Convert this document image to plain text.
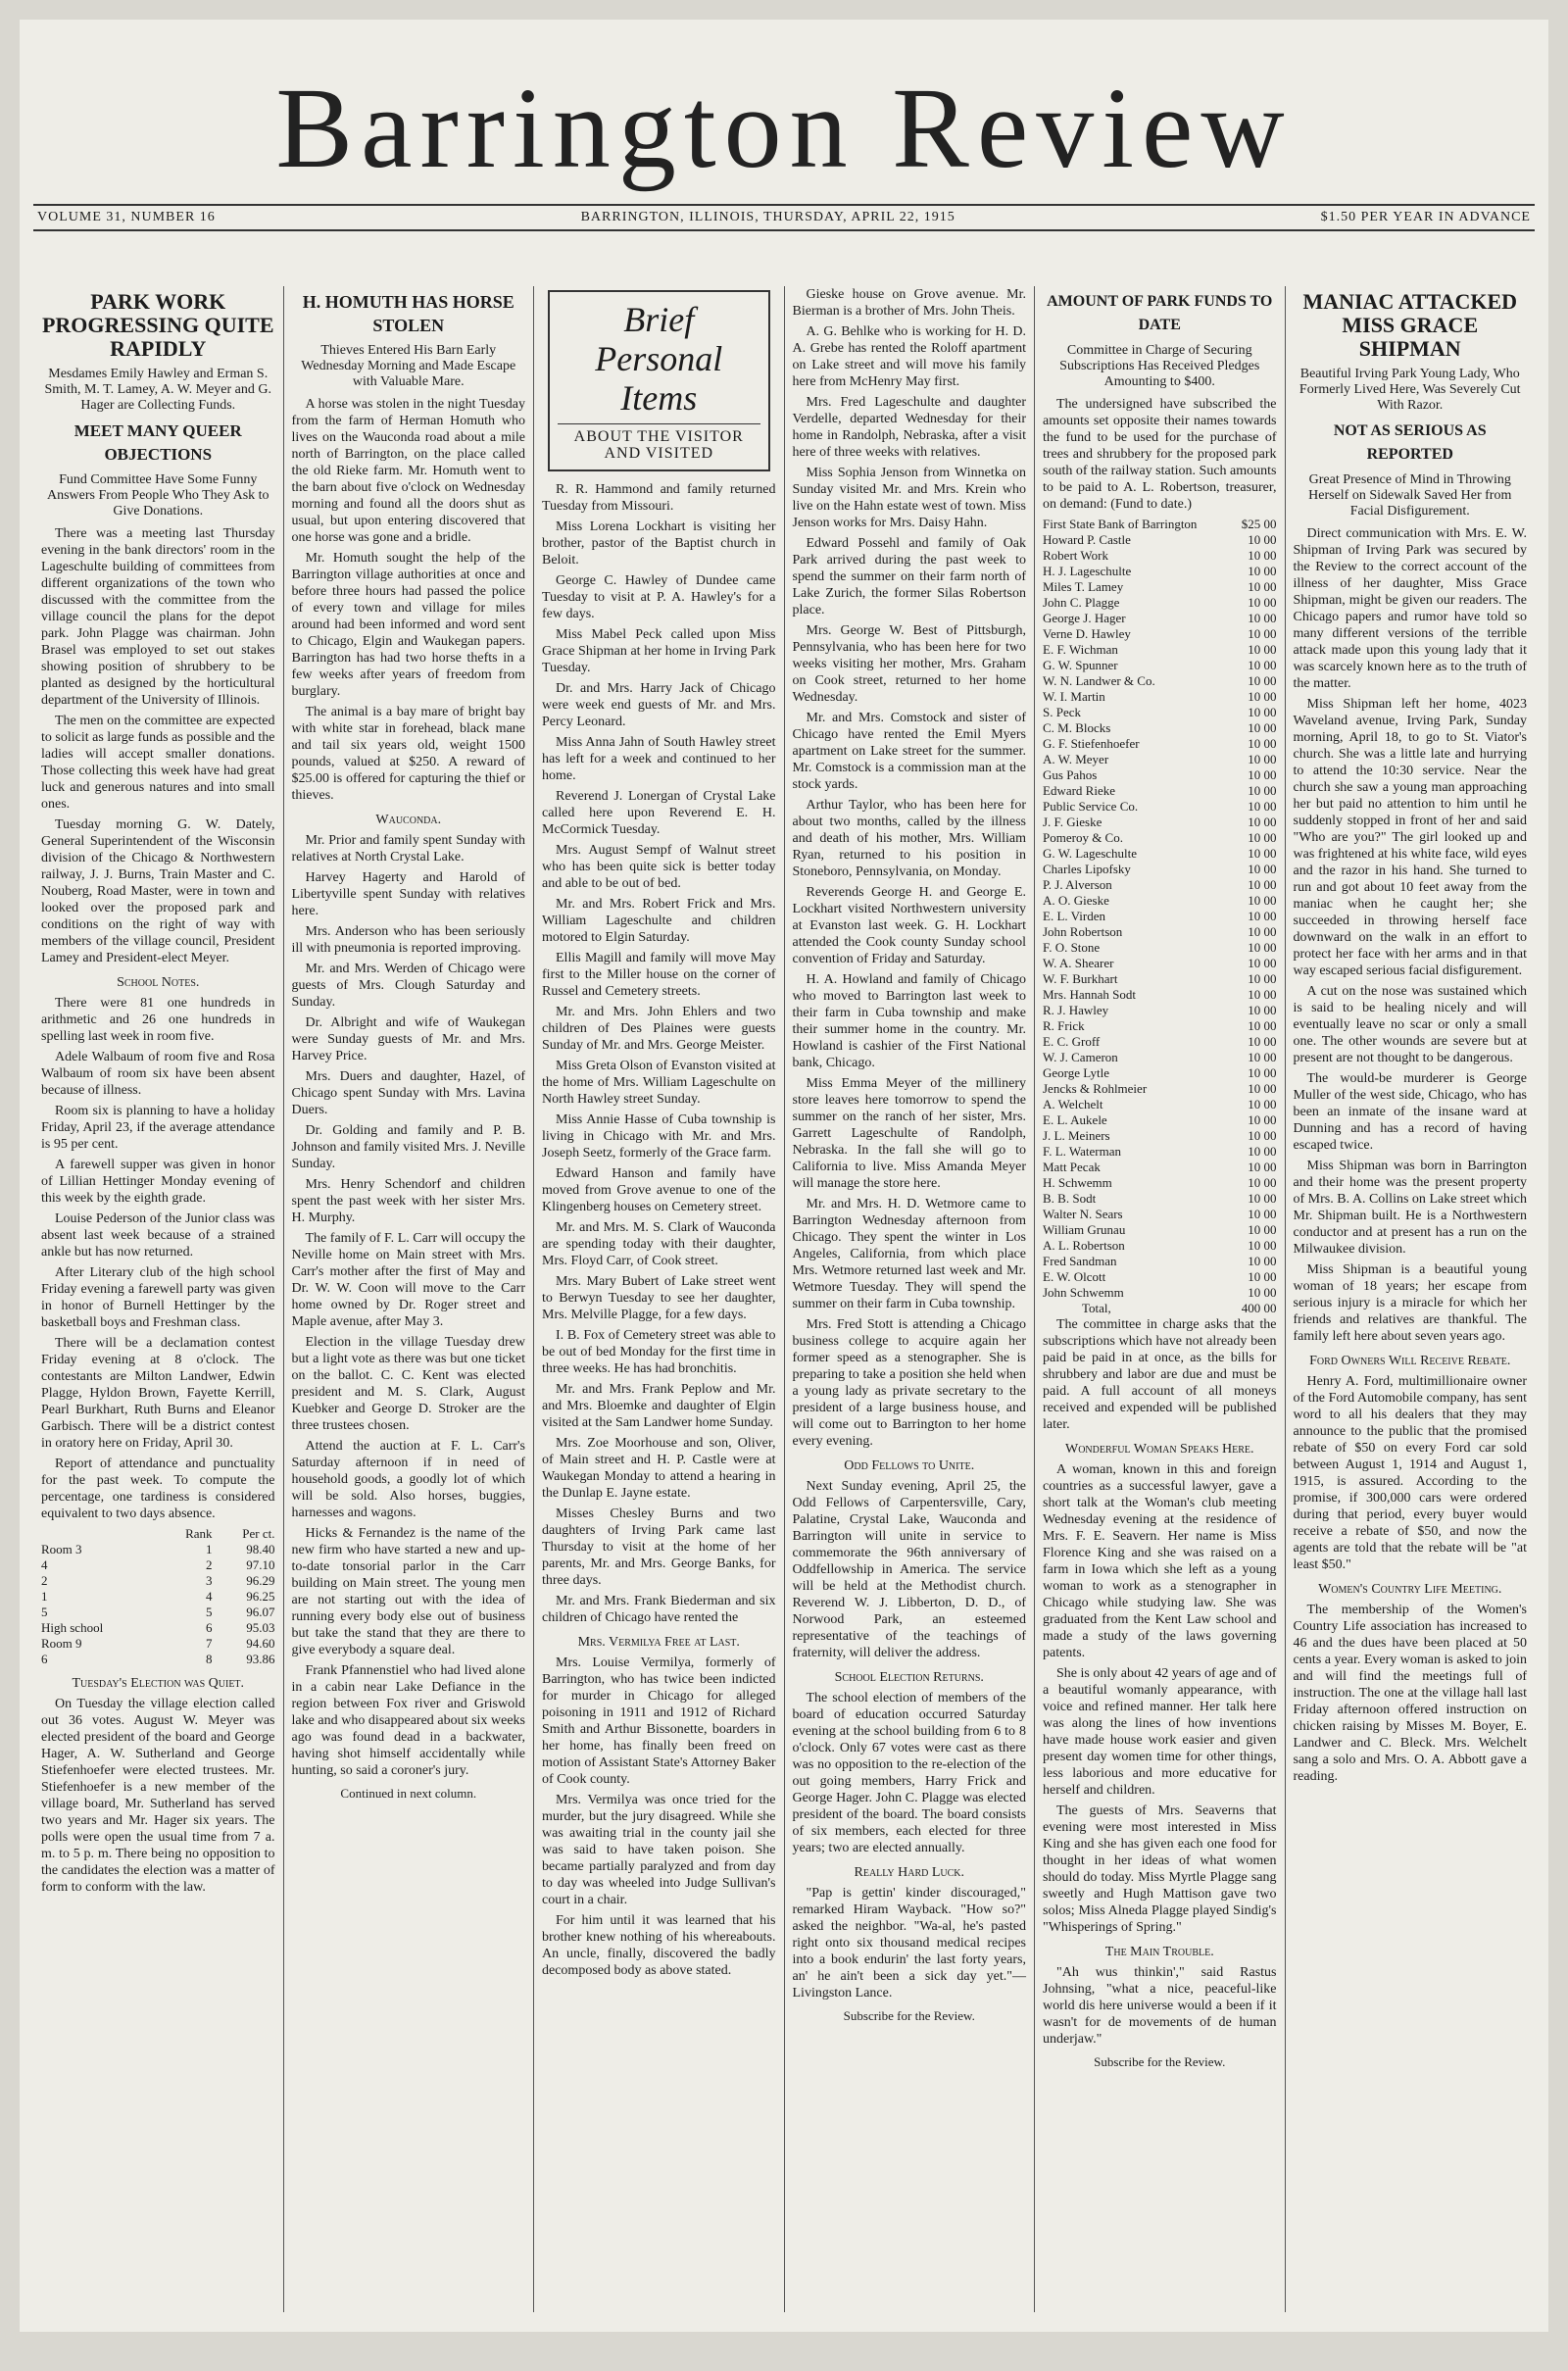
Barrington Review
VOLUME 31, NUMBER 16	BARRINGTON, ILLINOIS, THURSDAY, APRIL 22, 1915	$1.50 PER YEAR IN ADVANCE
PARK WORK PROGRESSING QUITE RAPIDLY
Mesdames Emily Hawley and Erman S. Smith, M. T. Lamey, A. W. Meyer and G. Hager are Collecting Funds.
MEET MANY QUEER OBJECTIONS
Fund Committee Have Some Funny Answers From People Who They Ask to Give Donations.

There was a meeting last Thursday evening in the bank directors' room in the Lageschulte building of committees from different organizations of the town who discussed with the committee from the village council the plans for the depot park. John Plagge was chairman. John Brasel was employed to set out stakes showing position of shrubbery to be planted as designed by the horticultural department of the University of Illinois.

The men on the committee are expected to solicit as large funds as possible and the ladies will accept smaller donations. Those collecting this week have had great luck and generous natures and into small ones.

Tuesday morning G. W. Dately, General Superintendent of the Wisconsin division of the Chicago & Northwestern railway, J. J. Burns, Train Master and C. Nouberg, Road Master, were in town and looked over the proposed park and conditions on the right of way with members of the village council, President Lamey and President-elect Meyer.

School Notes.

There were 81 one hundreds in arithmetic and 26 one hundreds in spelling last week in room five.

Adele Walbaum of room five and Rosa Walbaum of room six have been absent because of illness.

Room six is planning to have a holiday Friday, April 23, if the average attendance is 95 per cent.

A farewell supper was given in honor of Lillian Hettinger Monday evening of this week by the eighth grade.

Louise Pederson of the Junior class was absent last week because of a strained ankle but has now returned.

After Literary club of the high school Friday evening a farewell party was given in honor of Burnell Hettinger by the basketball boys and Freshman class.

There will be a declamation contest Friday evening at 8 o'clock. The contestants are Milton Landwer, Edwin Plagge, Hyldon Brown, Fayette Kerrill, Pearl Burkhart, Ruth Burns and Eleanor Garbisch. There will be a district contest in oratory here on Friday, April 30.

Report of attendance and punctuality for the past week. To compute the percentage, one tardiness is considered equivalent to two days absence.

	Rank	Per ct.
Room 3	1	98.40
4	2	97.10
2	3	96.29
1	4	96.25
5	5	96.07
High school	6	95.03
Room 9	7	94.60
6	8	93.86
Tuesday's Election was Quiet.

On Tuesday the village election called out 36 votes. August W. Meyer was elected president of the board and George Hager, A. W. Sutherland and George Stiefenhoefer were elected trustees. Mr. Stiefenhoefer is a new member of the village board, Mr. Sutherland has served two years and Mr. Hager six years. The polls were open the usual time from 7 a. m. to 5 p. m. There being no opposition to the candidates the election was a matter of form to conform with the law.

H. HOMUTH HAS HORSE STOLEN
Thieves Entered His Barn Early Wednesday Morning and Made Escape with Valuable Mare.

A horse was stolen in the night Tuesday from the farm of Herman Homuth who lives on the Wauconda road about a mile north of Barrington, on the place called the old Rieke farm. Mr. Homuth went to the barn about five o'clock on Wednesday morning and found all the doors shut as usual, but upon entering discovered that one horse was gone and a bridle.

Mr. Homuth sought the help of the Barrington village authorities at once and before three hours had passed the police of every town and village for miles around had been informed and word sent to Chicago, Elgin and Waukegan papers. Barrington has had two horse thefts in a few weeks after years of freedom from burglary.

The animal is a bay mare of bright bay with white star in forehead, black mane and tail six years old, weight 1500 pounds, valued at $250. A reward of $25.00 is offered for capturing the thief or thieves.

Wauconda.

Mr. Prior and family spent Sunday with relatives at North Crystal Lake.

Harvey Hagerty and Harold of Libertyville spent Sunday with relatives here.

Mrs. Anderson who has been seriously ill with pneumonia is reported improving.

Mr. and Mrs. Werden of Chicago were guests of Mrs. Clough Saturday and Sunday.

Dr. Albright and wife of Waukegan were Sunday guests of Mr. and Mrs. Harvey Price.

Mrs. Duers and daughter, Hazel, of Chicago spent Sunday with Mrs. Lavina Duers.

Dr. Golding and family and P. B. Johnson and family visited Mrs. J. Neville Sunday.

Mrs. Henry Schendorf and children spent the past week with her sister Mrs. H. Murphy.

The family of F. L. Carr will occupy the Neville home on Main street with Mrs. Carr's mother after the first of May and Dr. W. W. Coon will move to the Carr home owned by Dr. Roger street and Maple avenue, after May 3.

Election in the village Tuesday drew but a light vote as there was but one ticket on the ballot. C. C. Kent was elected president and M. S. Clark, August Kuebker and George D. Stroker are the three trustees chosen.

Attend the auction at F. L. Carr's Saturday afternoon if in need of household goods, a goodly lot of which will be sold. Also horses, buggies, harnesses and wagons.

Hicks & Fernandez is the name of the new firm who have started a new and up-to-date tonsorial parlor in the Carr building on Main street. The young men are not starting out with the idea of running every body else out of business but take the stand that they are there to give everybody a square deal.

Frank Pfannenstiel who had lived alone in a cabin near Lake Defiance in the region between Fox river and Griswold lake and who disappeared about six weeks ago was found dead in a backwater, having shot himself accidentally while hunting, so said a coroner's jury.

Continued in next column.
Brief Personal Items
ABOUT THE VISITOR AND VISITED

R. R. Hammond and family returned Tuesday from Missouri.

Miss Lorena Lockhart is visiting her brother, pastor of the Baptist church in Beloit.

George C. Hawley of Dundee came Tuesday to visit at P. A. Hawley's for a few days.

Miss Mabel Peck called upon Miss Grace Shipman at her home in Irving Park Tuesday.

Dr. and Mrs. Harry Jack of Chicago were week end guests of Mr. and Mrs. Percy Leonard.

Miss Anna Jahn of South Hawley street has left for a week and continued to her home.

Reverend J. Lonergan of Crystal Lake called here upon Reverend E. H. McCormick Tuesday.

Mrs. August Sempf of Walnut street who has been quite sick is better today and able to be out of bed.

Mr. and Mrs. Robert Frick and Mrs. William Lageschulte and children motored to Elgin Saturday.

Ellis Magill and family will move May first to the Miller house on the corner of Russel and Cemetery streets.

Mr. and Mrs. John Ehlers and two children of Des Plaines were guests Sunday of Mr. and Mrs. George Meister.

Miss Greta Olson of Evanston visited at the home of Mrs. William Lageschulte on North Hawley street Sunday.

Miss Annie Hasse of Cuba township is living in Chicago with Mr. and Mrs. Joseph Seetz, formerly of the Grace farm.

Edward Hanson and family have moved from Grove avenue to one of the Klingenberg houses on Cemetery street.

Mr. and Mrs. M. S. Clark of Wauconda are spending today with their daughter, Mrs. Floyd Carr, of Cook street.

Mrs. Mary Bubert of Lake street went to Berwyn Tuesday to see her daughter, Mrs. Melville Plagge, for a few days.

I. B. Fox of Cemetery street was able to be out of bed Monday for the first time in three weeks. He has had bronchitis.

Mr. and Mrs. Frank Peplow and Mr. and Mrs. Bloemke and daughter of Elgin visited at the Sam Landwer home Sunday.

Mrs. Zoe Moorhouse and son, Oliver, of Main street and H. P. Castle were at Waukegan Monday to attend a hearing in the Dunlap E. Jayne estate.

Misses Chesley Burns and two daughters of Irving Park came last Thursday to visit at the home of her parents, Mr. and Mrs. George Banks, for three days.

Mr. and Mrs. Frank Biederman and six children of Chicago have rented the

Mrs. Vermilya Free at Last.

Mrs. Louise Vermilya, formerly of Barrington, who has twice been indicted for murder in Chicago for alleged poisoning in 1911 and 1912 of Richard Smith and Arthur Bissonette, boarders in her home, has finally been freed on motion of Assistant State's Attorney Baker of Cook county.

Mrs. Vermilya was once tried for the murder, but the jury disagreed. While she was awaiting trial in the county jail she was said to have taken poison. She became partially paralyzed and from day to day was wheeled into Judge Sullivan's court in a chair.

For him until it was learned that his brother knew nothing of his whereabouts. An uncle, finally, discovered the badly decomposed body as above stated.

Gieske house on Grove avenue. Mr. Bierman is a brother of Mrs. John Theis.

A. G. Behlke who is working for H. D. A. Grebe has rented the Roloff apartment on Lake street and will move his family here from McHenry May first.

Mrs. Fred Lageschulte and daughter Verdelle, departed Wednesday for their home in Randolph, Nebraska, after a visit here of three weeks with relatives.

Miss Sophia Jenson from Winnetka on Sunday visited Mr. and Mrs. Krein who live on the Hahn estate west of town. Miss Jenson works for Mrs. Daisy Hahn.

Edward Possehl and family of Oak Park arrived during the past week to spend the summer on their farm north of Lake Zurich, the former Silas Robertson place.

Mrs. George W. Best of Pittsburgh, Pennsylvania, who has been here for two weeks visiting her mother, Mrs. Graham on Cook street, returned to her home Wednesday.

Mr. and Mrs. Comstock and sister of Chicago have rented the Emil Myers apartment on Lake street for the summer. Mr. Comstock is a commission man at the stock yards.

Arthur Taylor, who has been here for about two months, called by the illness and death of his mother, Mrs. William Ryan, returned to his position in Stoneboro, Pennsylvania, on Monday.

Reverends George H. and George E. Lockhart visited Northwestern university at Evanston last week. G. H. Lockhart attended the Cook county Sunday school convention of Friday and Saturday.

H. A. Howland and family of Chicago who moved to Barrington last week to their farm in Cuba township and make their summer home in the country. Mr. Howland is cashier of the First National bank, Chicago.

Miss Emma Meyer of the millinery store leaves here tomorrow to spend the summer on the ranch of her sister, Mrs. Garrett Lageschulte of Randolph, Nebraska. In the fall she will go to California to live. Miss Amanda Meyer will manage the store here.

Mr. and Mrs. H. D. Wetmore came to Barrington Wednesday afternoon from Chicago. They spent the winter in Los Angeles, California, from which place Mrs. Wetmore returned last week and Mr. Wetmore Tuesday. They will spend the summer on their farm in Cuba township.

Mrs. Fred Stott is attending a Chicago business college to acquire again her former speed as a stenographer. She is preparing to take a position she held when a young lady as private secretary to the president of a large business house, and will come out to Barrington to her home every evening.

Odd Fellows to Unite.

Next Sunday evening, April 25, the Odd Fellows of Carpentersville, Cary, Palatine, Crystal Lake, Wauconda and Barrington will unite in service to commemorate the 96th anniversary of Oddfellowship in America. The service will be held at the Methodist church. Reverend W. J. Libberton, D. D., of Norwood Park, an esteemed representative of the teachings of fraternity, will deliver the address.

School Election Returns.

The school election of members of the board of education occurred Saturday evening at the school building from 6 to 8 o'clock. Only 67 votes were cast as there was no opposition to the re-election of the out going members, Harry Frick and George Hager. John C. Plagge was elected president of the board. The board consists of six members, each elected for three years; two are elected annually.

Really Hard Luck.

"Pap is gettin' kinder discouraged," remarked Hiram Wayback. "How so?" asked the neighbor. "Wa-al, he's pasted right onto six thousand medical recipes into a book endurin' the last forty years, an' he ain't been a sick day yet."—Livingston Lance.

Subscribe for the Review.
AMOUNT OF PARK FUNDS TO DATE
Committee in Charge of Securing Subscriptions Has Received Pledges Amounting to $400.

The undersigned have subscribed the amounts set opposite their names towards the fund to be used for the purchase of trees and shrubbery for the proposed park south of the railway station. Such amounts to be paid to A. L. Robertson, treasurer, on demand: (Fund to date.)

First State Bank of Barrington	$25 00
Howard P. Castle	10 00
Robert Work	10 00
H. J. Lageschulte	10 00
Miles T. Lamey	10 00
John C. Plagge	10 00
George J. Hager	10 00
Verne D. Hawley	10 00
E. F. Wichman	10 00
G. W. Spunner	10 00
W. N. Landwer & Co.	10 00
W. I. Martin	10 00
S. Peck	10 00
C. M. Blocks	10 00
G. F. Stiefenhoefer	10 00
A. W. Meyer	10 00
Gus Pahos	10 00
Edward Rieke	10 00
Public Service Co.	10 00
J. F. Gieske	10 00
Pomeroy & Co.	10 00
G. W. Lageschulte	10 00
Charles Lipofsky	10 00
P. J. Alverson	10 00
A. O. Gieske	10 00
E. L. Virden	10 00
John Robertson	10 00
F. O. Stone	10 00
W. A. Shearer	10 00
W. F. Burkhart	10 00
Mrs. Hannah Sodt	10 00
R. J. Hawley	10 00
R. Frick	10 00
E. C. Groff	10 00
W. J. Cameron	10 00
George Lytle	10 00
Jencks & Rohlmeier	10 00
A. Welchelt	10 00
E. L. Aukele	10 00
J. L. Meiners	10 00
F. L. Waterman	10 00
Matt Pecak	10 00
H. Schwemm	10 00
B. B. Sodt	10 00
Walter N. Sears	10 00
William Grunau	10 00
A. L. Robertson	10 00
Fred Sandman	10 00
E. W. Olcott	10 00
John Schwemm	10 00
Total,	400 00

The committee in charge asks that the subscriptions which have not already been paid be paid in at once, as the bills for shrubbery and labor are due and must be paid. A full account of all moneys received and expended will be published later.

Wonderful Woman Speaks Here.

A woman, known in this and foreign countries as a successful lawyer, gave a short talk at the Woman's club meeting Wednesday evening at the residence of Mrs. F. E. Seavern. Her name is Miss Florence King and she was raised on a farm in Iowa which she left as a young woman to work as a stenographer in Chicago while studying law. She was graduated from the Kent Law school and made a study of the laws governing patents.

She is only about 42 years of age and of a beautiful womanly appearance, with voice and refined manner. Her talk here was along the lines of how inventions have made house work easier and given present day women time for other things, less laborious and more educative for herself and children.

The guests of Mrs. Seaverns that evening were most interested in Miss King and she has given each one food for thought in her ideas of what women should do today. Miss Myrtle Plagge sang sweetly and Hugh Mattison gave two solos; Miss Alneda Plagge played Sindig's "Whisperings of Spring."

The Main Trouble.

"Ah wus thinkin'," said Rastus Johnsing, "what a nice, peaceful-like world dis here universe would a been if it wasn't for de movements of de human underjaw."

Subscribe for the Review.
MANIAC ATTACKED MISS GRACE SHIPMAN
Beautiful Irving Park Young Lady, Who Formerly Lived Here, Was Severely Cut With Razor.
NOT AS SERIOUS AS REPORTED
Great Presence of Mind in Throwing Herself on Sidewalk Saved Her from Facial Disfigurement.

Direct communication with Mrs. E. W. Shipman of Irving Park was secured by the Review to the correct account of the illness of her daughter, Miss Grace Shipman, might be given our readers. The Chicago papers and rumor have told so many different versions of the terrible attack made upon this young lady that it was scarcely known here as to the truth of the matter.

Miss Shipman left her home, 4023 Waveland avenue, Irving Park, Sunday morning, April 18, to go to St. Viator's church. She was a little late and hurrying to attend the 10:30 service. Near the church she saw a young man approaching her but paid no attention to him until he suddenly stopped in front of her and said "Who are you?" The girl looked up and was frightened at his white face, wild eyes and the razor in his hand. She turned to run and got about 10 feet away from the maniac when he caught her; she succeeded in throwing herself face downward on the walk in an effort to protect her face with her arms and in that way escaped serious facial disfigurement.

A cut on the nose was sustained which is said to be healing nicely and will eventually leave no scar or only a small one. The other wounds are severe but at present are not thought to be dangerous.

The would-be murderer is George Muller of the west side, Chicago, who has been an inmate of the insane ward at Dunning and has a record of having escaped twice.

Miss Shipman was born in Barrington and their home was the present property of Mrs. B. A. Collins on Lake street which Mr. Shipman built. He is a Northwestern conductor and at present has a run on the Milwaukee division.

Miss Shipman is a beautiful young woman of 18 years; her escape from serious injury is a miracle for which her friends and relatives are thankful. The family left here about seven years ago.

Ford Owners Will Receive Rebate.

Henry A. Ford, multimillionaire owner of the Ford Automobile company, has sent word to all his dealers that they may announce to the public that the promised rebate of $50 on every Ford car sold between August 1, 1914 and August 1, 1915, is assured. According to the promise, if 300,000 cars were ordered during that period, every buyer would receive a rebate of $50, and now the agents are told that the rebate will be "at least $50."

Women's Country Life Meeting.

The membership of the Women's Country Life association has increased to 46 and the dues have been placed at 50 cents a year. Every woman is asked to join and will find the meetings full of instruction. The one at the village hall last Friday afternoon offered instruction on chicken raising by Misses M. Boyer, E. Landwer and C. Bleck. Mrs. Welchelt sang a solo and Mrs. O. A. Abbott gave a reading.
